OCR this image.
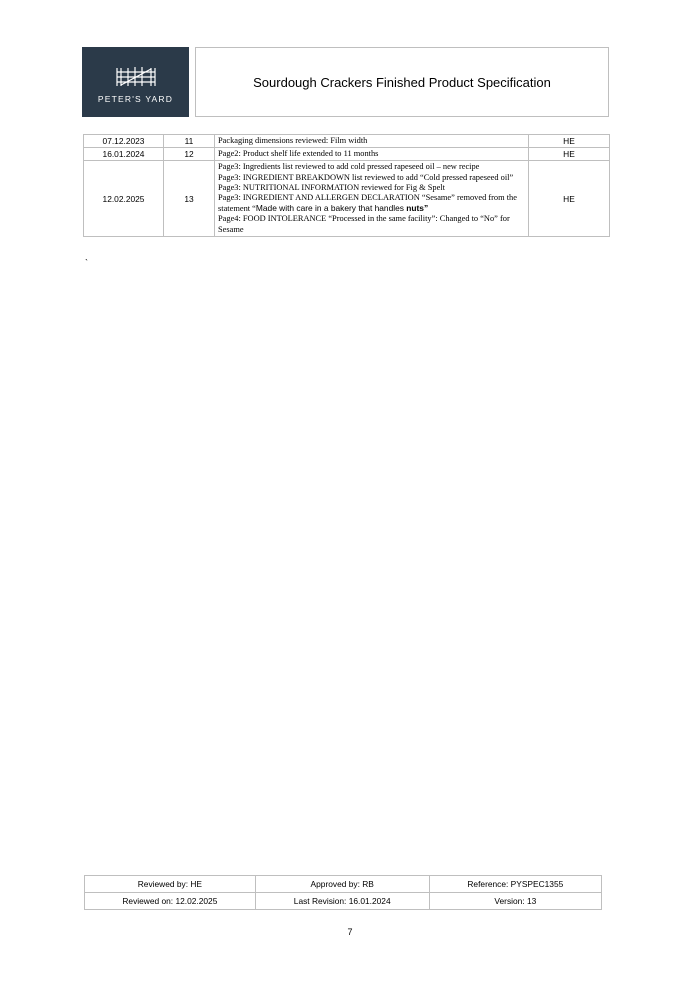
PETER'S YARD
Sourdough Crackers Finished Product Specification
07.12.2023	11	Packaging dimensions reviewed: Film width	HE
16.01.2024	12	Page2: Product shelf life extended to 11 months	HE
12.02.2025	13	Page3: Ingredients list reviewed to add cold pressed rapeseed oil – new recipe
Page3: INGREDIENT BREAKDOWN list reviewed to add “Cold pressed rapeseed oil”
Page3: NUTRITIONAL INFORMATION reviewed for Fig & Spelt
Page3: INGREDIENT AND ALLERGEN DECLARATION “Sesame” removed from the statement “Made with care in a bakery that handles nuts”
Page4: FOOD INTOLERANCE “Processed in the same facility”: Changed to “No” for Sesame	HE
`
Reviewed by: HE	Approved by: RB	Reference: PYSPEC1355
Reviewed on: 12.02.2025	Last Revision: 16.01.2024	Version: 13
7
